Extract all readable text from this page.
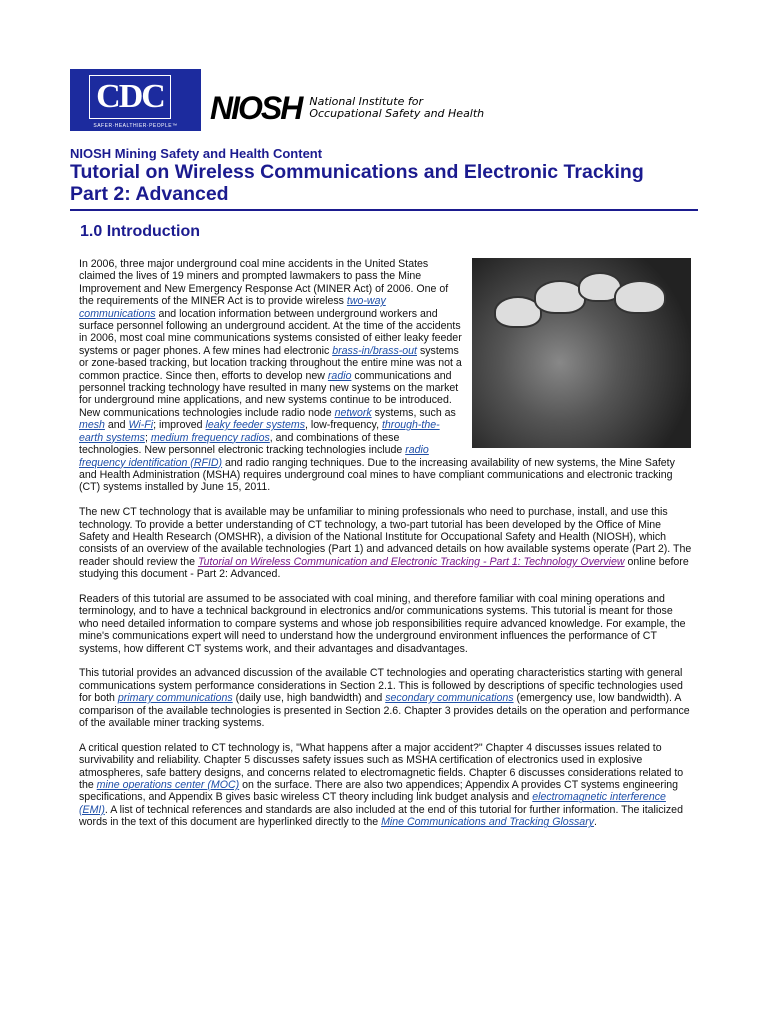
CDC
SAFER·HEALTHIER·PEOPLE™
NIOSH National Institute for
Occupational Safety and Health
NIOSH Mining Safety and Health Content
Tutorial on Wireless Communications and Electronic Tracking
Part 2: Advanced
1.0 Introduction

In 2006, three major underground coal mine accidents in the United States claimed the lives of 19 miners and prompted lawmakers to pass the Mine Improvement and New Emergency Response Act (MINER Act) of 2006. One of the requirements of the MINER Act is to provide wireless two-way communications and location information between underground workers and surface personnel following an underground accident. At the time of the accidents in 2006, most coal mine communications systems consisted of either leaky feeder systems or pager phones. A few mines had electronic brass-in/brass-out systems or zone-based tracking, but location tracking throughout the entire mine was not a common practice. Since then, efforts to develop new radio communications and personnel tracking technology have resulted in many new systems on the market for underground mine applications, and new systems continue to be introduced. New communications technologies include radio node network systems, such as mesh and Wi-Fi; improved leaky feeder systems, low-frequency, through-the-earth systems; medium frequency radios, and combinations of these technologies. New personnel electronic tracking technologies include radio frequency identification (RFID) and radio ranging techniques. Due to the increasing availability of new systems, the Mine Safety and Health Administration (MSHA) requires underground coal mines to have compliant communications and electronic tracking (CT) systems installed by June 15, 2011.

The new CT technology that is available may be unfamiliar to mining professionals who need to purchase, install, and use this technology. To provide a better understanding of CT technology, a two-part tutorial has been developed by the Office of Mine Safety and Health Research (OMSHR), a division of the National Institute for Occupational Safety and Health (NIOSH), which consists of an overview of the available technologies (Part 1) and advanced details on how available systems operate (Part 2). The reader should review the Tutorial on Wireless Communication and Electronic Tracking - Part 1: Technology Overview online before studying this document - Part 2: Advanced.

Readers of this tutorial are assumed to be associated with coal mining, and therefore familiar with coal mining operations and terminology, and to have a technical background in electronics and/or communications systems. This tutorial is meant for those who need detailed information to compare systems and whose job responsibilities require advanced knowledge. For example, the mine's communications expert will need to understand how the underground environment influences the performance of CT systems, how different CT systems work, and their advantages and disadvantages.

This tutorial provides an advanced discussion of the available CT technologies and operating characteristics starting with general communications system performance considerations in Section 2.1. This is followed by descriptions of specific technologies used for both primary communications (daily use, high bandwidth) and secondary communications (emergency use, low bandwidth). A comparison of the available technologies is presented in Section 2.6. Chapter 3 provides details on the operation and performance of the available miner tracking systems.

A critical question related to CT technology is, "What happens after a major accident?" Chapter 4 discusses issues related to survivability and reliability. Chapter 5 discusses safety issues such as MSHA certification of electronics used in explosive atmospheres, safe battery designs, and concerns related to electromagnetic fields. Chapter 6 discusses considerations related to the mine operations center (MOC) on the surface. There are also two appendices; Appendix A provides CT systems engineering specifications, and Appendix B gives basic wireless CT theory including link budget analysis and electromagnetic interference (EMI). A list of technical references and standards are also included at the end of this tutorial for further information. The italicized words in the text of this document are hyperlinked directly to the Mine Communications and Tracking Glossary.
